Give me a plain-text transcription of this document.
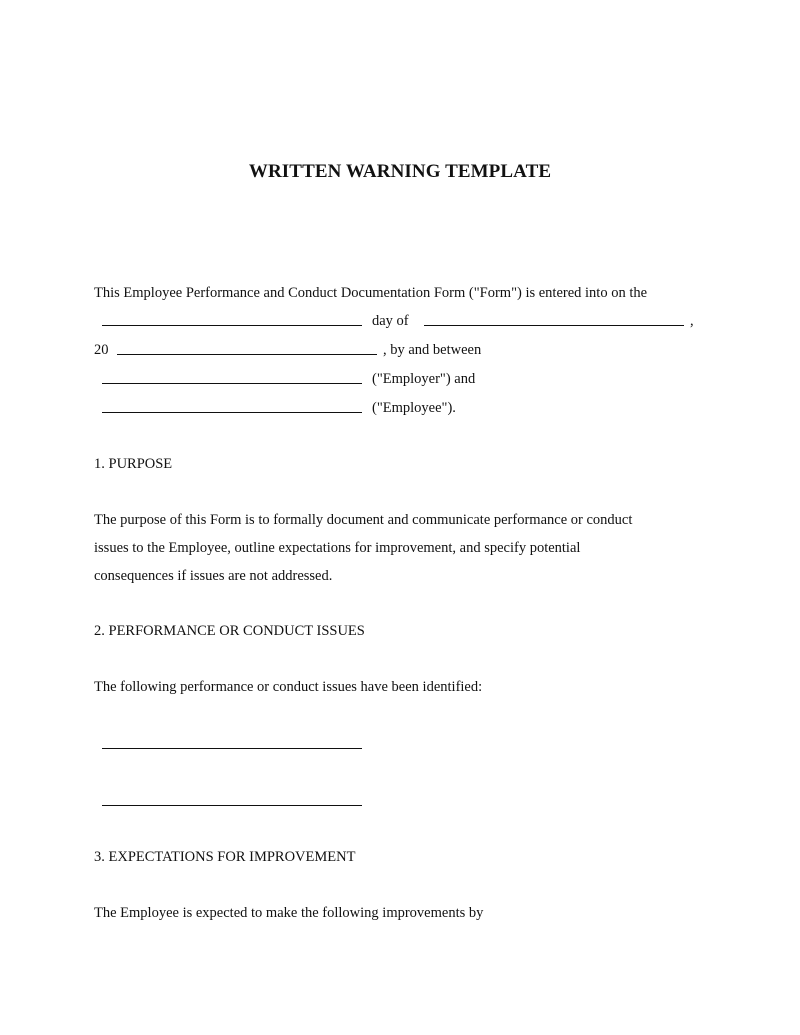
WRITTEN WARNING TEMPLATE
This Employee Performance and Conduct Documentation Form ("Form") is entered into on the
day of	,
20	, by and between
("Employer") and
("Employee").
1. PURPOSE
The purpose of this Form is to formally document and communicate performance or conduct
issues to the Employee, outline expectations for improvement, and specify potential
consequences if issues are not addressed.
2. PERFORMANCE OR CONDUCT ISSUES
The following performance or conduct issues have been identified:
3. EXPECTATIONS FOR IMPROVEMENT
The Employee is expected to make the following improvements by
